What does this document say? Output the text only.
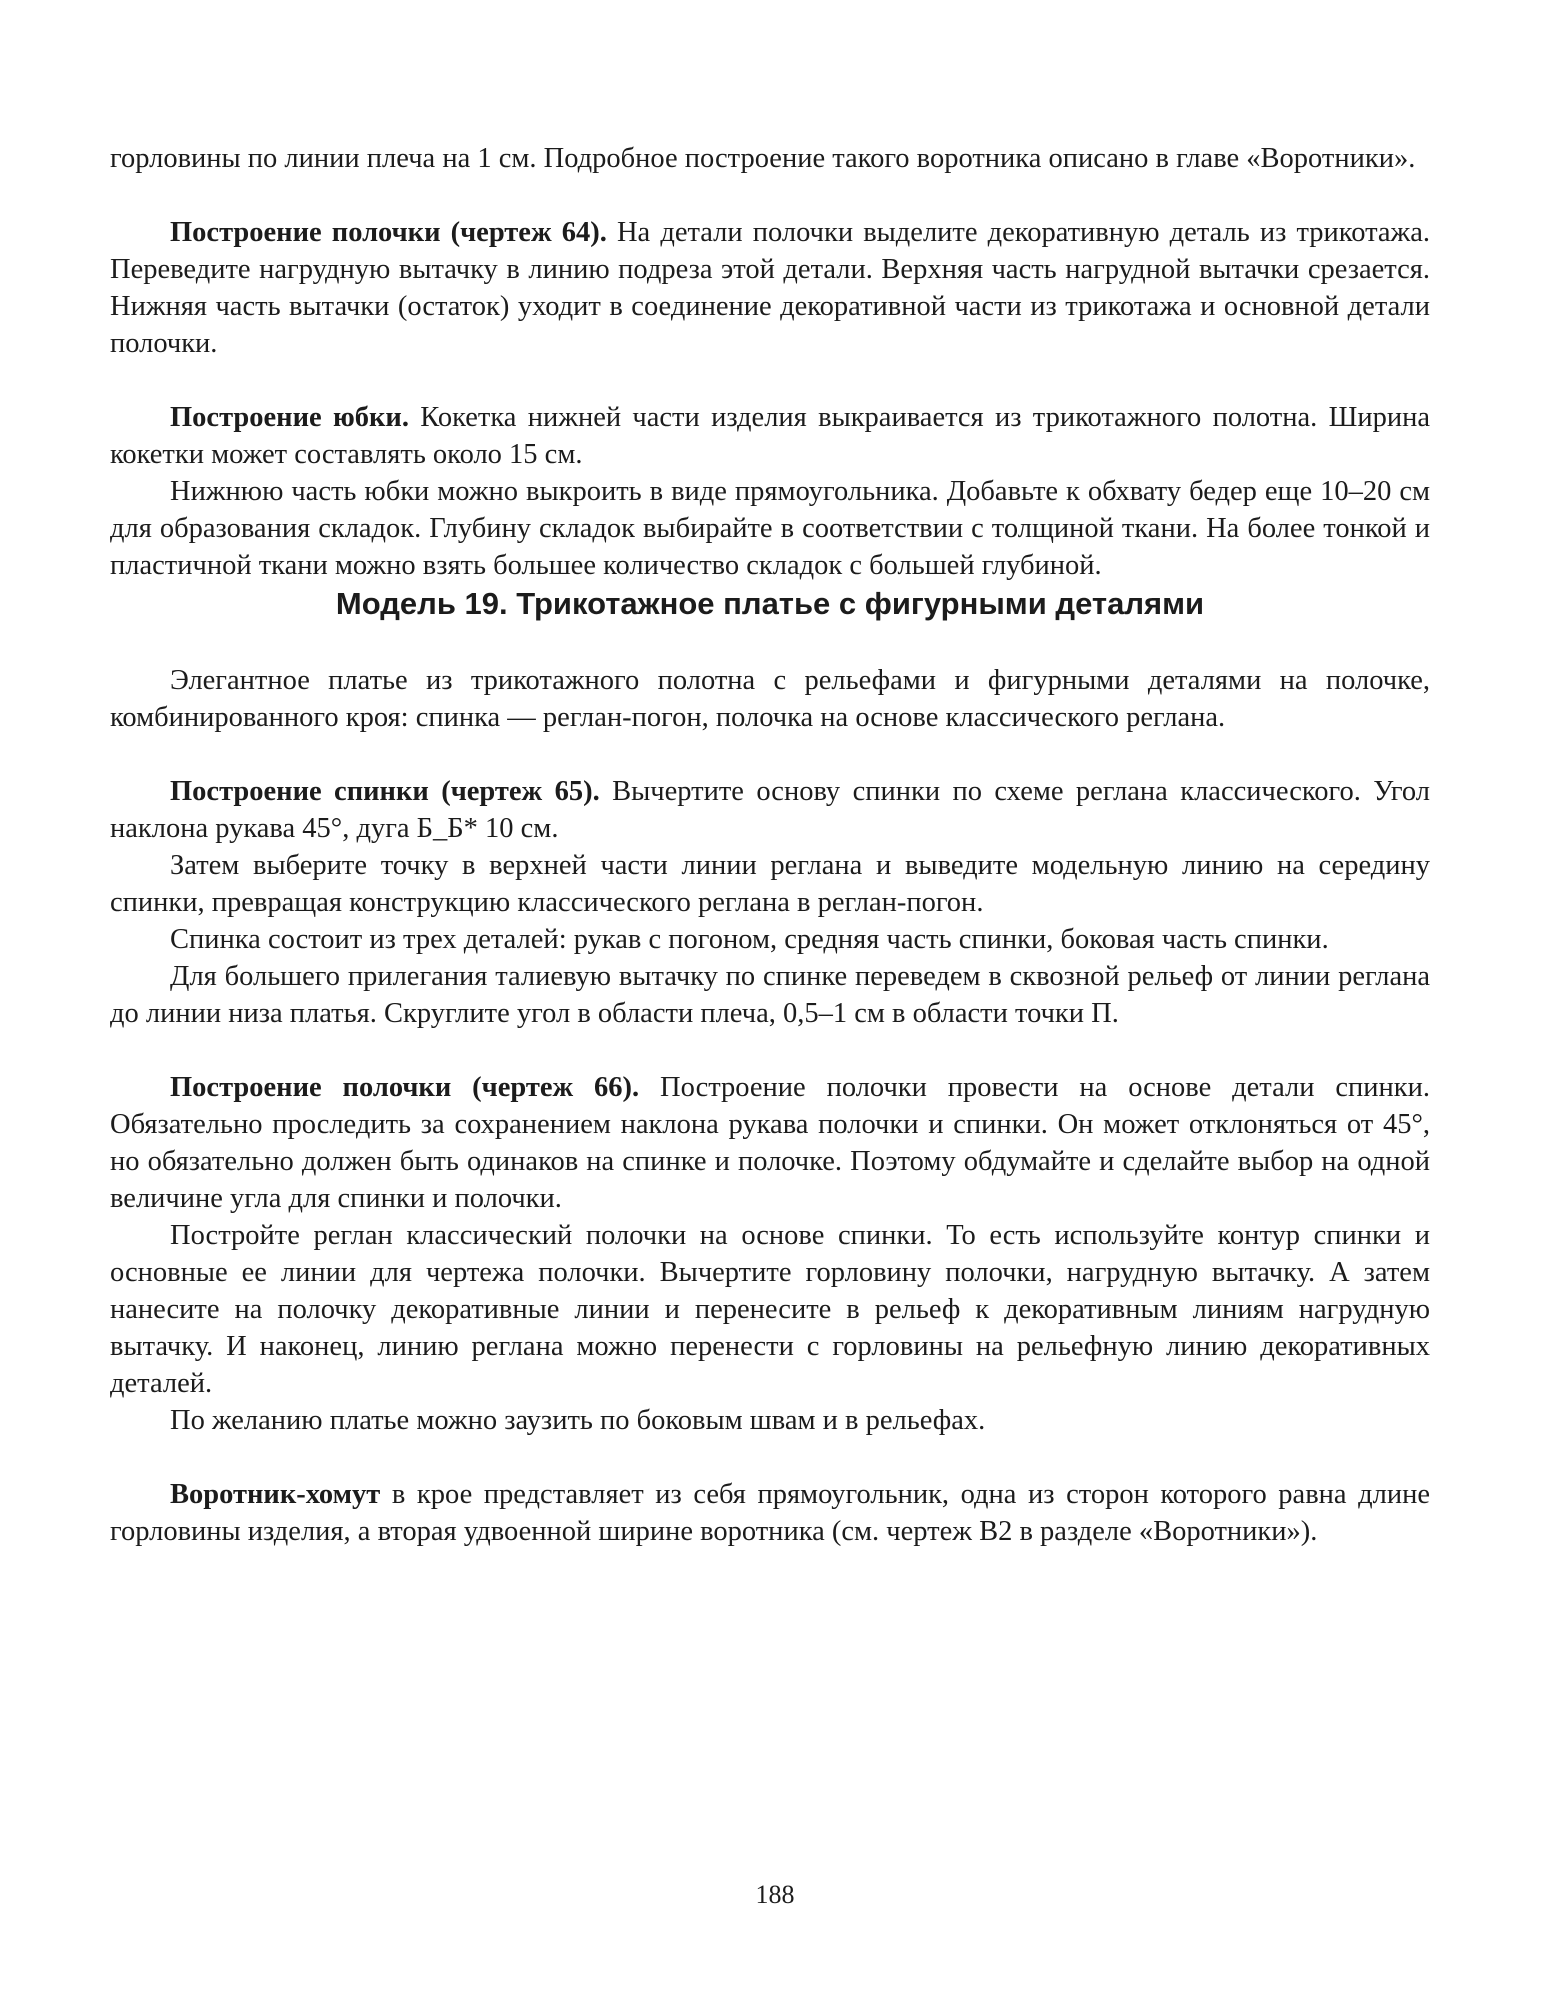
горловины по линии плеча на 1 см. Подробное построение такого воротника описано в главе «Воротники».

Построение полочки (чертеж 64). На детали полочки выделите декоративную деталь из трикотажа. Переведите нагрудную вытачку в линию подреза этой детали. Верхняя часть нагрудной вытачки срезается. Нижняя часть вытачки (остаток) уходит в соединение декоративной части из трикотажа и основной детали полочки.

Построение юбки. Кокетка нижней части изделия выкраивается из трикотажного полотна. Ширина кокетки может составлять около 15 см.

Нижнюю часть юбки можно выкроить в виде прямоугольника. Добавьте к обхвату бедер еще 10–20 см для образования складок. Глубину складок выбирайте в соответствии с толщиной ткани. На более тонкой и пластичной ткани можно взять большее количество складок с большей глубиной.

Модель 19. Трикотажное платье с фигурными деталями

Элегантное платье из трикотажного полотна с рельефами и фигурными деталями на полочке, комбинированного кроя: спинка — реглан-погон, полочка на основе классического реглана.

Построение спинки (чертеж 65). Вычертите основу спинки по схеме реглана классического. Угол наклона рукава 45°, дуга Б_Б* 10 см.

Затем выберите точку в верхней части линии реглана и выведите модельную линию на середину спинки, превращая конструкцию классического реглана в реглан-погон.

Спинка состоит из трех деталей: рукав с погоном, средняя часть спинки, боковая часть спинки.

Для большего прилегания талиевую вытачку по спинке переведем в сквозной рельеф от линии реглана до линии низа платья. Скруглите угол в области плеча, 0,5–1 см в области точки П.

Построение полочки (чертеж 66). Построение полочки провести на основе детали спинки. Обязательно проследить за сохранением наклона рукава полочки и спинки. Он может отклоняться от 45°, но обязательно должен быть одинаков на спинке и полочке. Поэтому обдумайте и сделайте выбор на одной величине угла для спинки и полочки.

Постройте реглан классический полочки на основе спинки. То есть используйте контур спинки и основные ее линии для чертежа полочки. Вычертите горловину полочки, нагрудную вытачку. А затем нанесите на полочку декоративные линии и перенесите в рельеф к декоративным линиям нагрудную вытачку. И наконец, линию реглана можно перенести с горловины на рельефную линию декоративных деталей.

По желанию платье можно заузить по боковым швам и в рельефах.

Воротник-хомут в крое представляет из себя прямоугольник, одна из сторон которого равна длине горловины изделия, а вторая удвоенной ширине воротника (см. чертеж В2 в разделе «Воротники»).

188
